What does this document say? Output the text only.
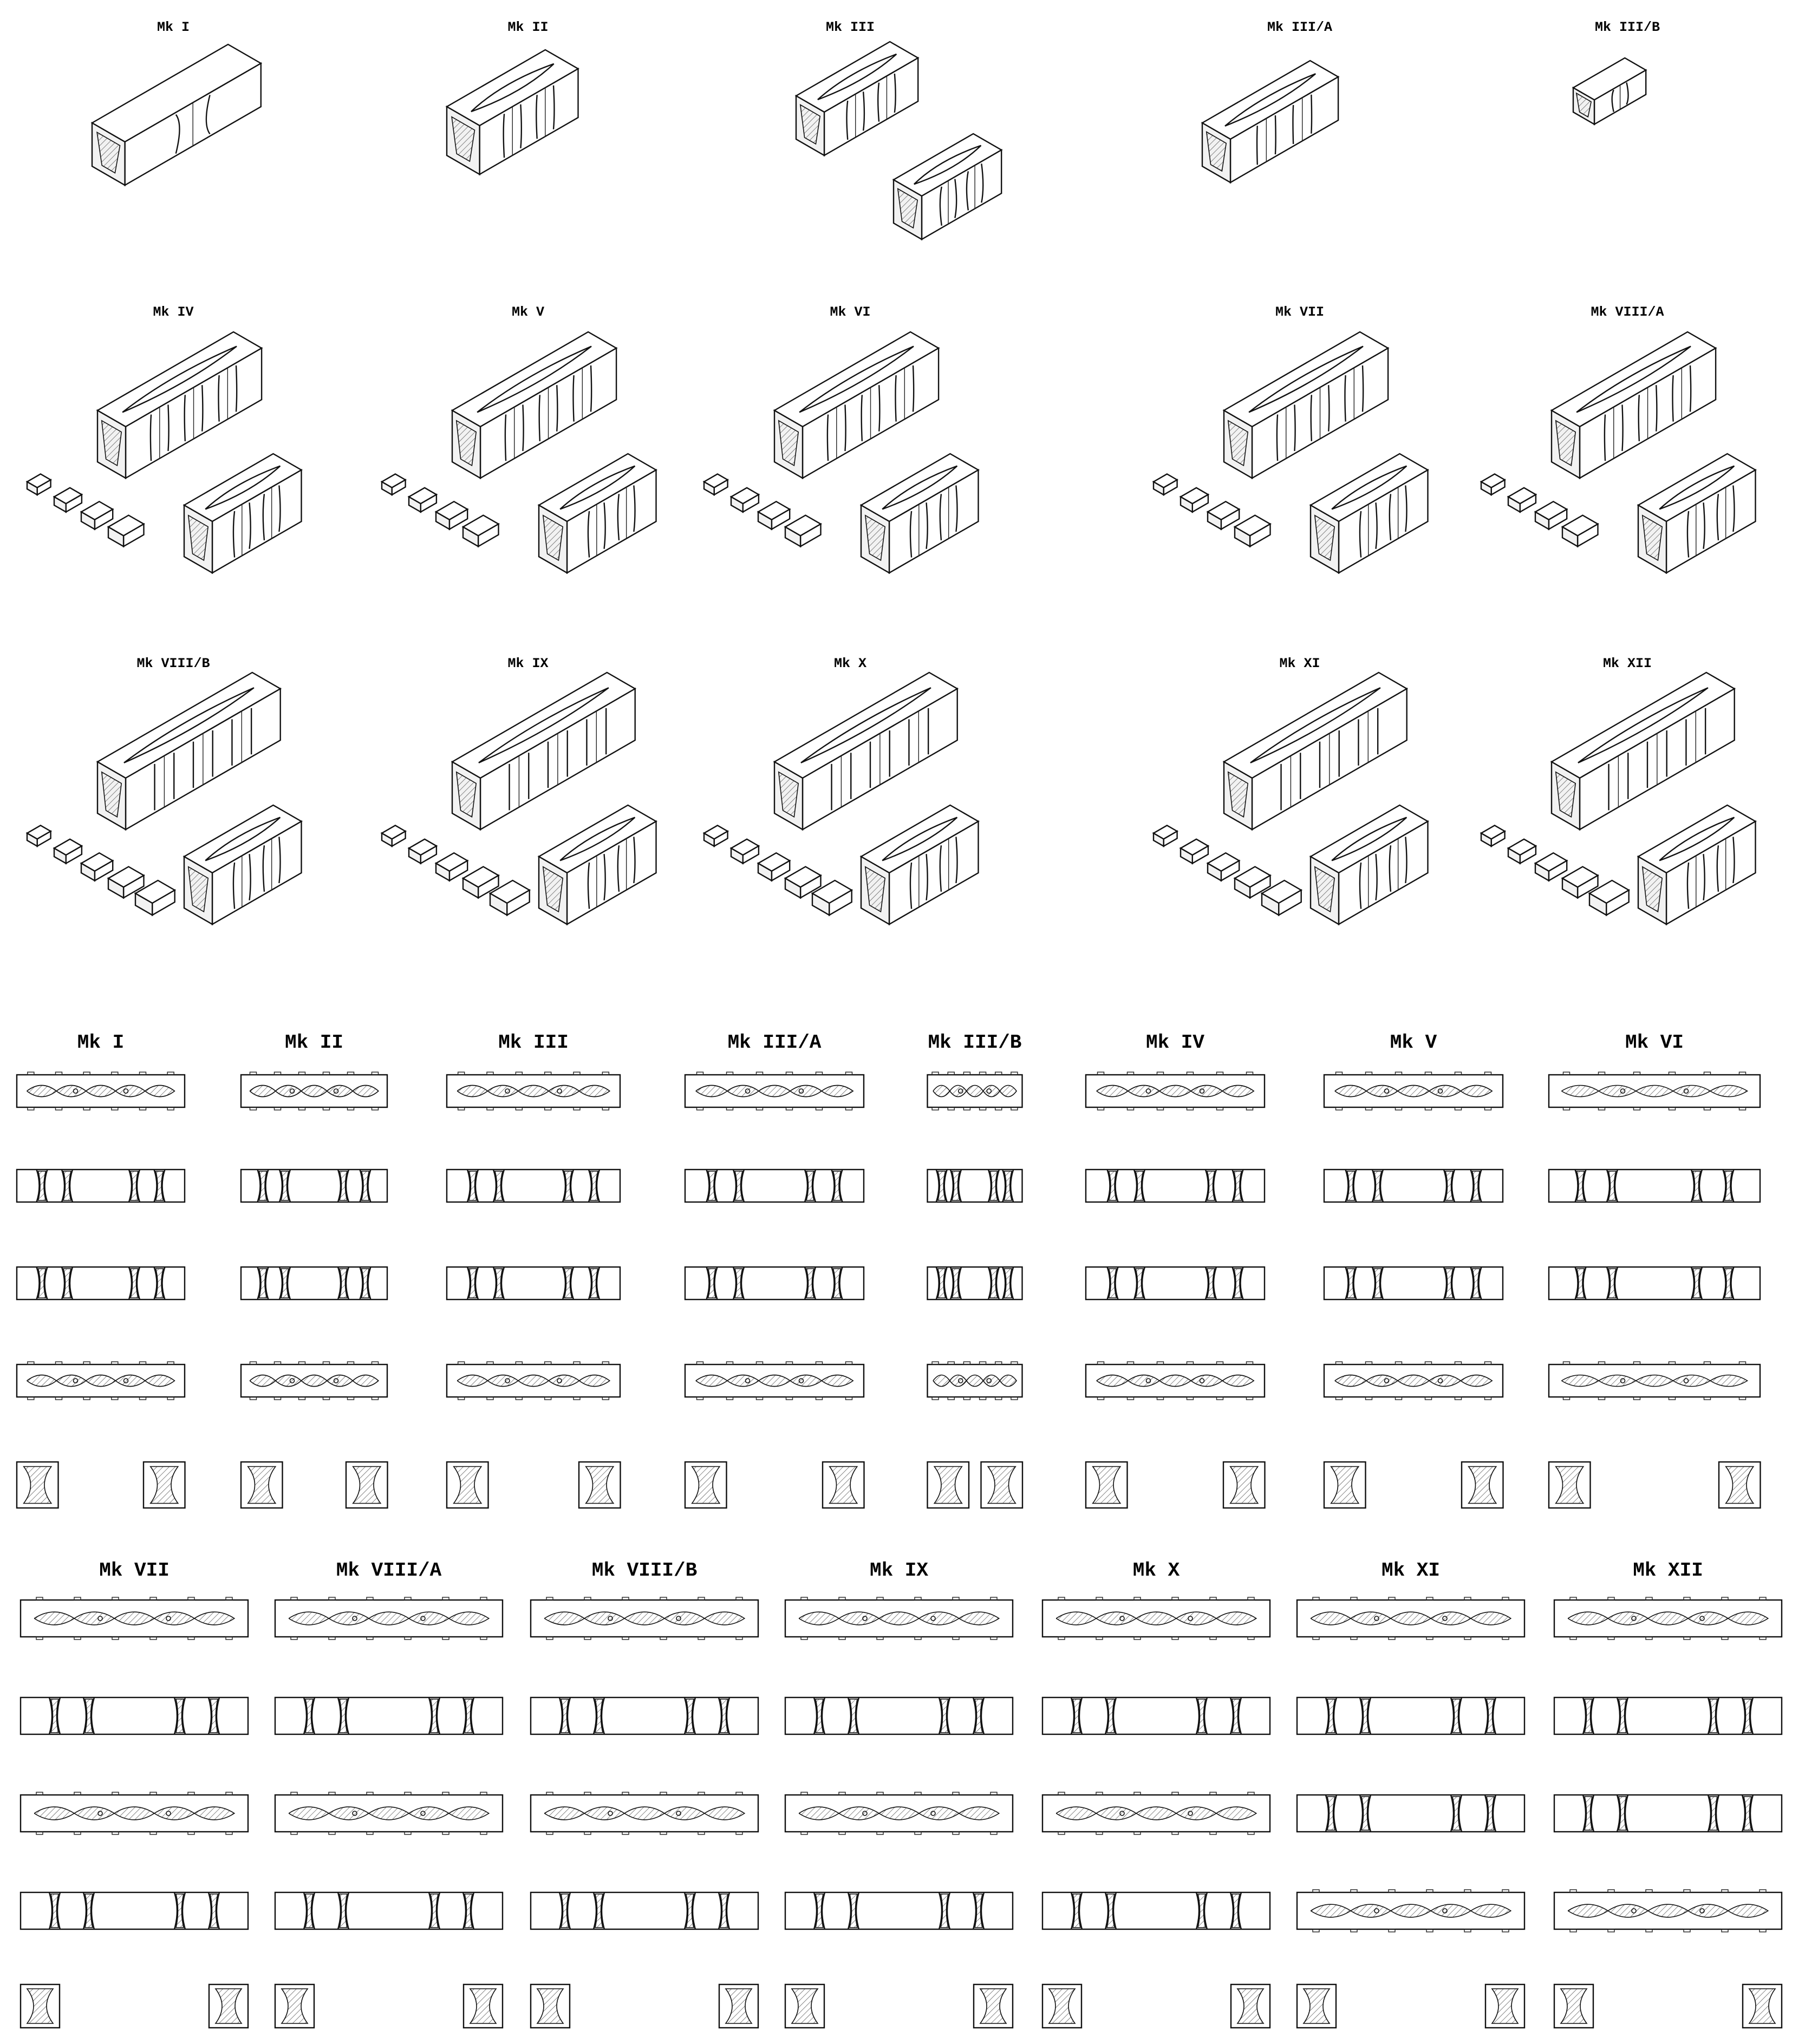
Mk I	Mk II	Mk III	Mk III/A	Mk III/B
Mk IV	Mk V	Mk VI	Mk VII	Mk VIII/A
Mk VIII/B	Mk IX	Mk X	Mk XI	Mk XII
Mk I	Mk II	Mk III	Mk III/A	Mk III/B	Mk IV	Mk V	Mk VI
Mk VII	Mk VIII/A	Mk VIII/B	Mk IX	Mk X	Mk XI	Mk XII
